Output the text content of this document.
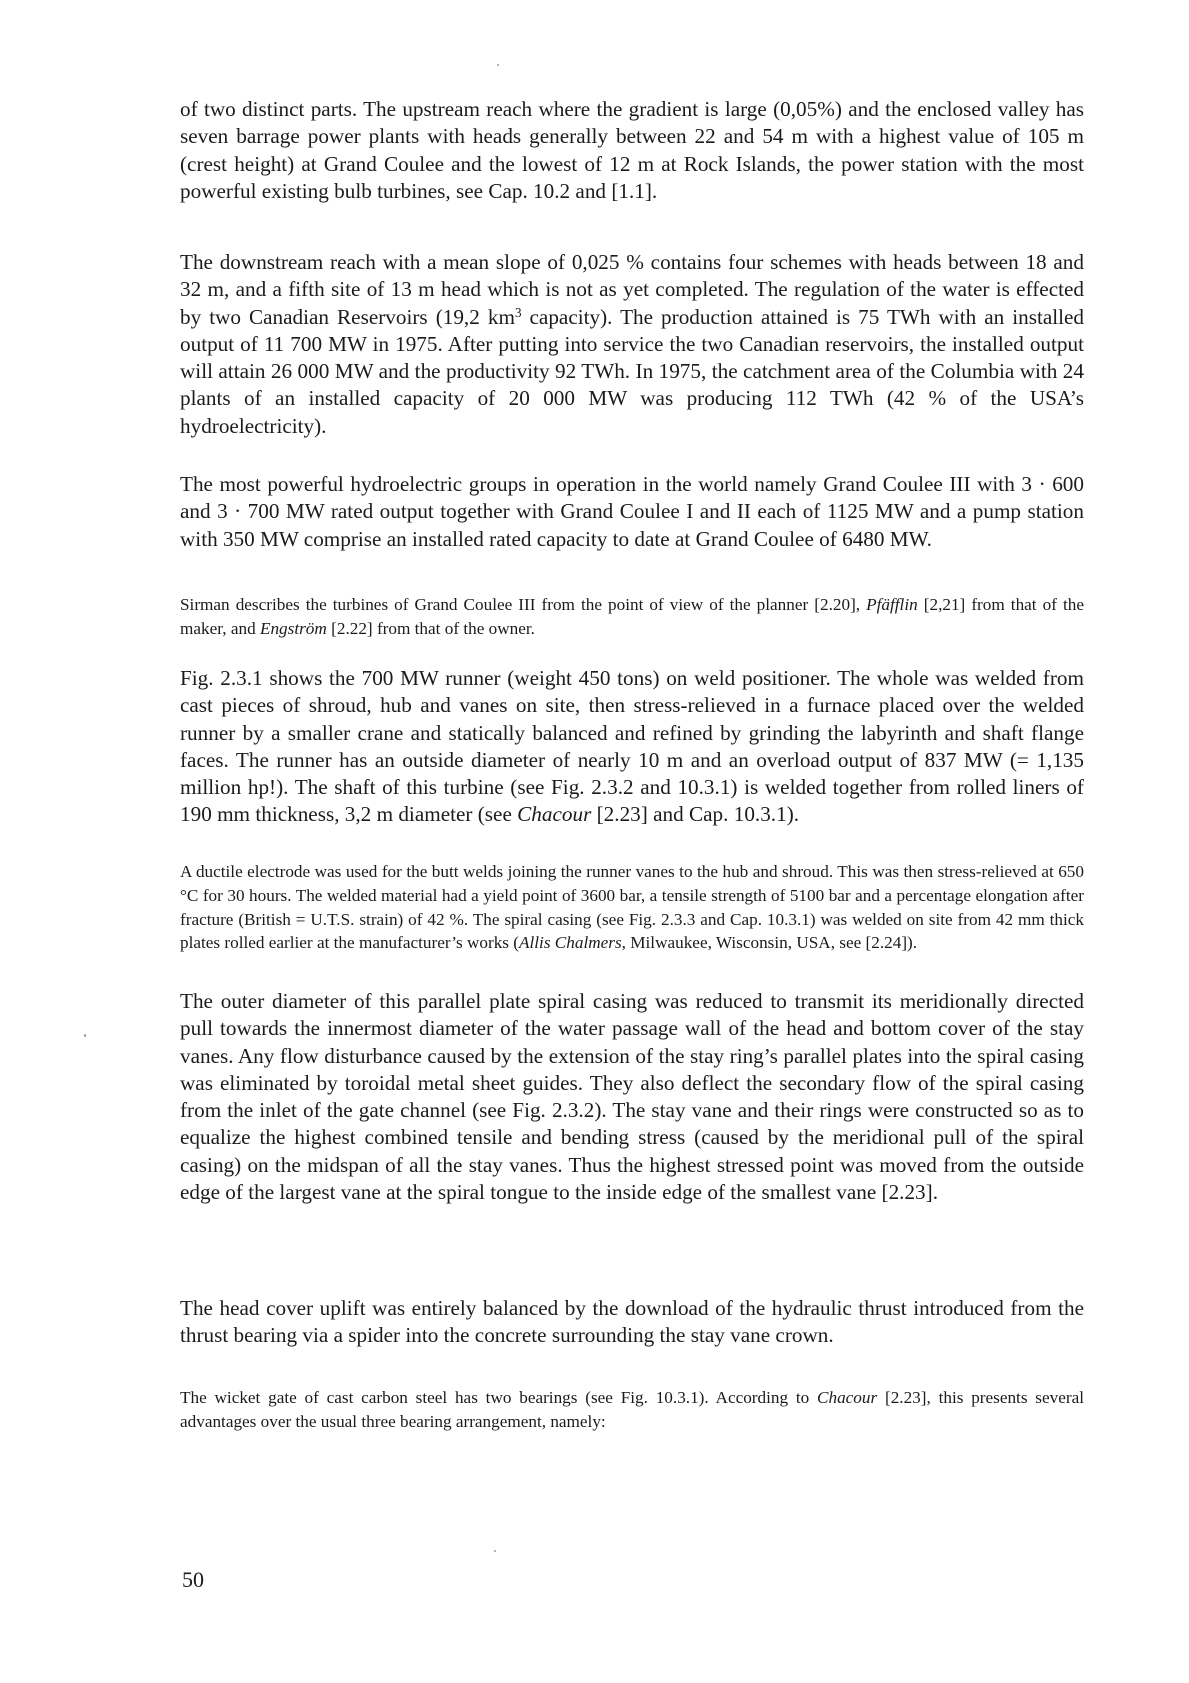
of two distinct parts. The upstream reach where the gradient is large (0,05%) and the enclosed valley has seven barrage power plants with heads generally between 22 and 54 m with a highest value of 105 m (crest height) at Grand Coulee and the lowest of 12 m at Rock Islands, the power station with the most powerful existing bulb turbines, see Cap. 10.2 and [1.1].

The downstream reach with a mean slope of 0,025 % contains four schemes with heads between 18 and 32 m, and a fifth site of 13 m head which is not as yet completed. The regulation of the water is effected by two Canadian Reservoirs (19,2 $km^3$ capacity). The production attained is 75 TWh with an installed output of 11 700 MW in 1975. After putting into service the two Canadian reservoirs, the installed output will attain 26 000 MW and the productivity 92 TWh. In 1975, the catchment area of the Columbia with 24 plants of an installed capacity of 20 000 MW was producing 112 TWh (42 % of the USA’s hydroelectricity).

The most powerful hydroelectric groups in operation in the world namely Grand Coulee III with 3 · 600 and 3 · 700 MW rated output together with Grand Coulee I and II each of 1125 MW and a pump station with 350 MW comprise an installed rated capacity to date at Grand Coulee of 6480 MW.

Sirman describes the turbines of Grand Coulee III from the point of view of the planner [2.20], Pfäfflin [2,21] from that of the maker, and Engström [2.22] from that of the owner.

Fig. 2.3.1 shows the 700 MW runner (weight 450 tons) on weld positioner. The whole was welded from cast pieces of shroud, hub and vanes on site, then stress-relieved in a furnace placed over the welded runner by a smaller crane and statically balanced and refined by grinding the labyrinth and shaft flange faces. The runner has an outside diameter of nearly 10 m and an overload output of 837 MW (= 1,135 million hp!). The shaft of this turbine (see Fig. 2.3.2 and 10.3.1) is welded together from rolled liners of 190 mm thickness, 3,2 m diameter (see Chacour [2.23] and Cap. 10.3.1).

A ductile electrode was used for the butt welds joining the runner vanes to the hub and shroud. This was then stress-relieved at 650 °C for 30 hours. The welded material had a yield point of 3600 bar, a tensile strength of 5100 bar and a percentage elongation after fracture (British = U.T.S. strain) of 42 %. The spiral casing (see Fig. 2.3.3 and Cap. 10.3.1) was welded on site from 42 mm thick plates rolled earlier at the manufacturer’s works (Allis Chalmers, Milwaukee, Wisconsin, USA, see [2.24]).

The outer diameter of this parallel plate spiral casing was reduced to transmit its meridionally directed pull towards the innermost diameter of the water passage wall of the head and bottom cover of the stay vanes. Any flow disturbance caused by the extension of the stay ring’s parallel plates into the spiral casing was eliminated by toroidal metal sheet guides. They also deflect the secondary flow of the spiral casing from the inlet of the gate channel (see Fig. 2.3.2). The stay vane and their rings were constructed so as to equalize the highest combined tensile and bending stress (caused by the meridional pull of the spiral casing) on the midspan of all the stay vanes. Thus the highest stressed point was moved from the outside edge of the largest vane at the spiral tongue to the inside edge of the smallest vane [2.23].

The head cover uplift was entirely balanced by the download of the hydraulic thrust introduced from the thrust bearing via a spider into the concrete surrounding the stay vane crown.

The wicket gate of cast carbon steel has two bearings (see Fig. 10.3.1). According to Chacour [2.23], this presents several advantages over the usual three bearing arrangement, namely:

50
